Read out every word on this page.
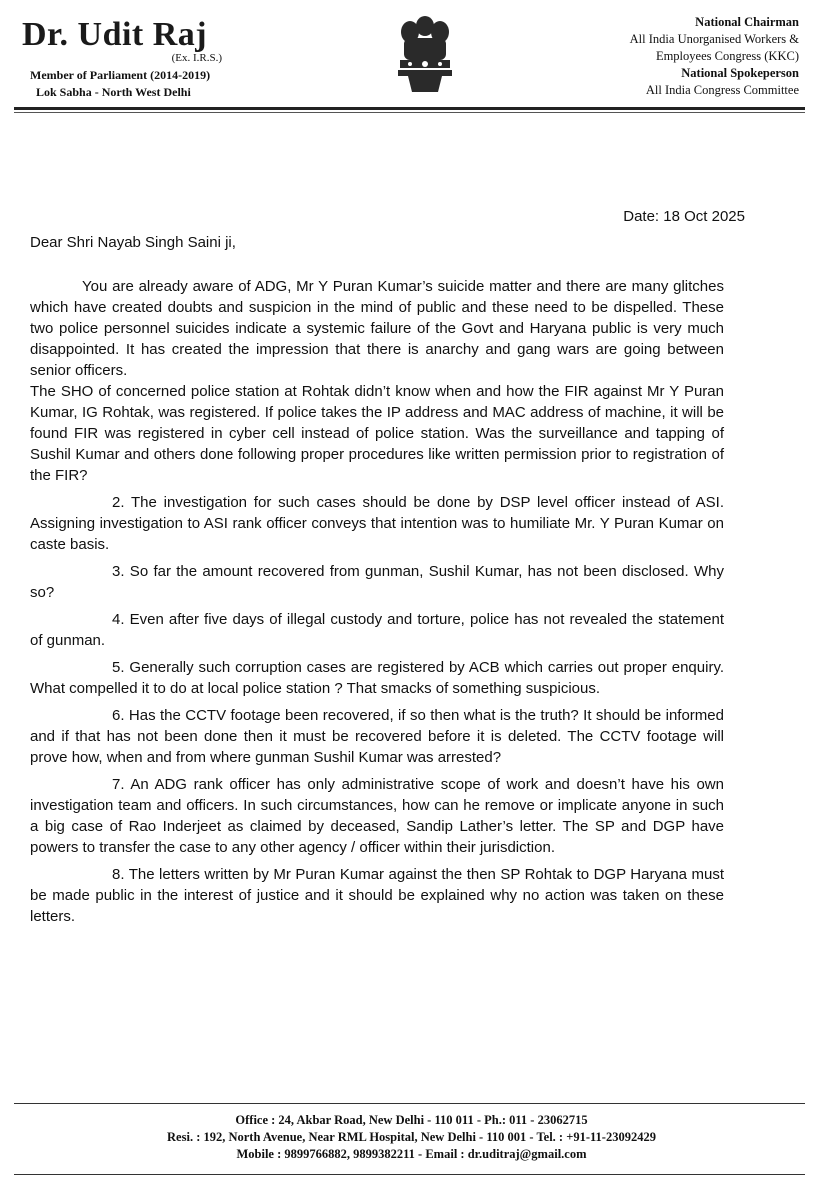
Dr. Udit Raj
(Ex. I.R.S.)
Member of Parliament (2014-2019)
Lok Sabha - North West Delhi
National Chairman
All India Unorganised Workers &
Employees Congress (KKC)
National Spokeperson
All India Congress Committee
Date: 18 Oct 2025
Dear Shri Nayab Singh Saini ji,

You are already aware of ADG, Mr Y Puran Kumar’s suicide matter and there are many glitches which have created doubts and suspicion in the mind of public and these need to be dispelled. These two police personnel suicides indicate a systemic failure of the Govt and Haryana public is very much disappointed. It has created the impression that there is anarchy and gang wars are going between senior officers.

The SHO of concerned police station at Rohtak didn’t know when and how the FIR against Mr Y Puran Kumar, IG Rohtak, was registered. If police takes the IP address and MAC address of machine, it will be found FIR was registered in cyber cell instead of police station. Was the surveillance and tapping of Sushil Kumar and others done following proper procedures like written permission prior to registration of the FIR?

2. The investigation for such cases should be done by DSP level officer instead of ASI. Assigning investigation to ASI rank officer conveys that intention was to humiliate Mr. Y Puran Kumar on caste basis.

3. So far the amount recovered from gunman, Sushil Kumar, has not been disclosed. Why so?

4. Even after five days of illegal custody and torture, police has not revealed the statement of gunman.

5. Generally such corruption cases are registered by ACB which carries out proper enquiry. What compelled it to do at local police station ? That smacks of something suspicious.

6. Has the CCTV footage been recovered, if so then what is the truth? It should be informed and if that has not been done then it must be recovered before it is deleted. The CCTV footage will prove how, when and from where gunman Sushil Kumar was arrested?

7. An ADG rank officer has only administrative scope of work and doesn’t have his own investigation team and officers. In such circumstances, how can he remove or implicate anyone in such a big case of Rao Inderjeet as claimed by deceased, Sandip Lather’s letter. The SP and DGP have powers to transfer the case to any other agency / officer within their jurisdiction.

8. The letters written by Mr Puran Kumar against the then SP Rohtak to DGP Haryana must be made public in the interest of justice and it should be explained why no action was taken on these letters.

Office : 24, Akbar Road, New Delhi - 110 011 - Ph.: 011 - 23062715
Resi. : 192, North Avenue, Near RML Hospital, New Delhi - 110 001 - Tel. : +91-11-23092429
Mobile : 9899766882, 9899382211 - Email : dr.uditraj@gmail.com
